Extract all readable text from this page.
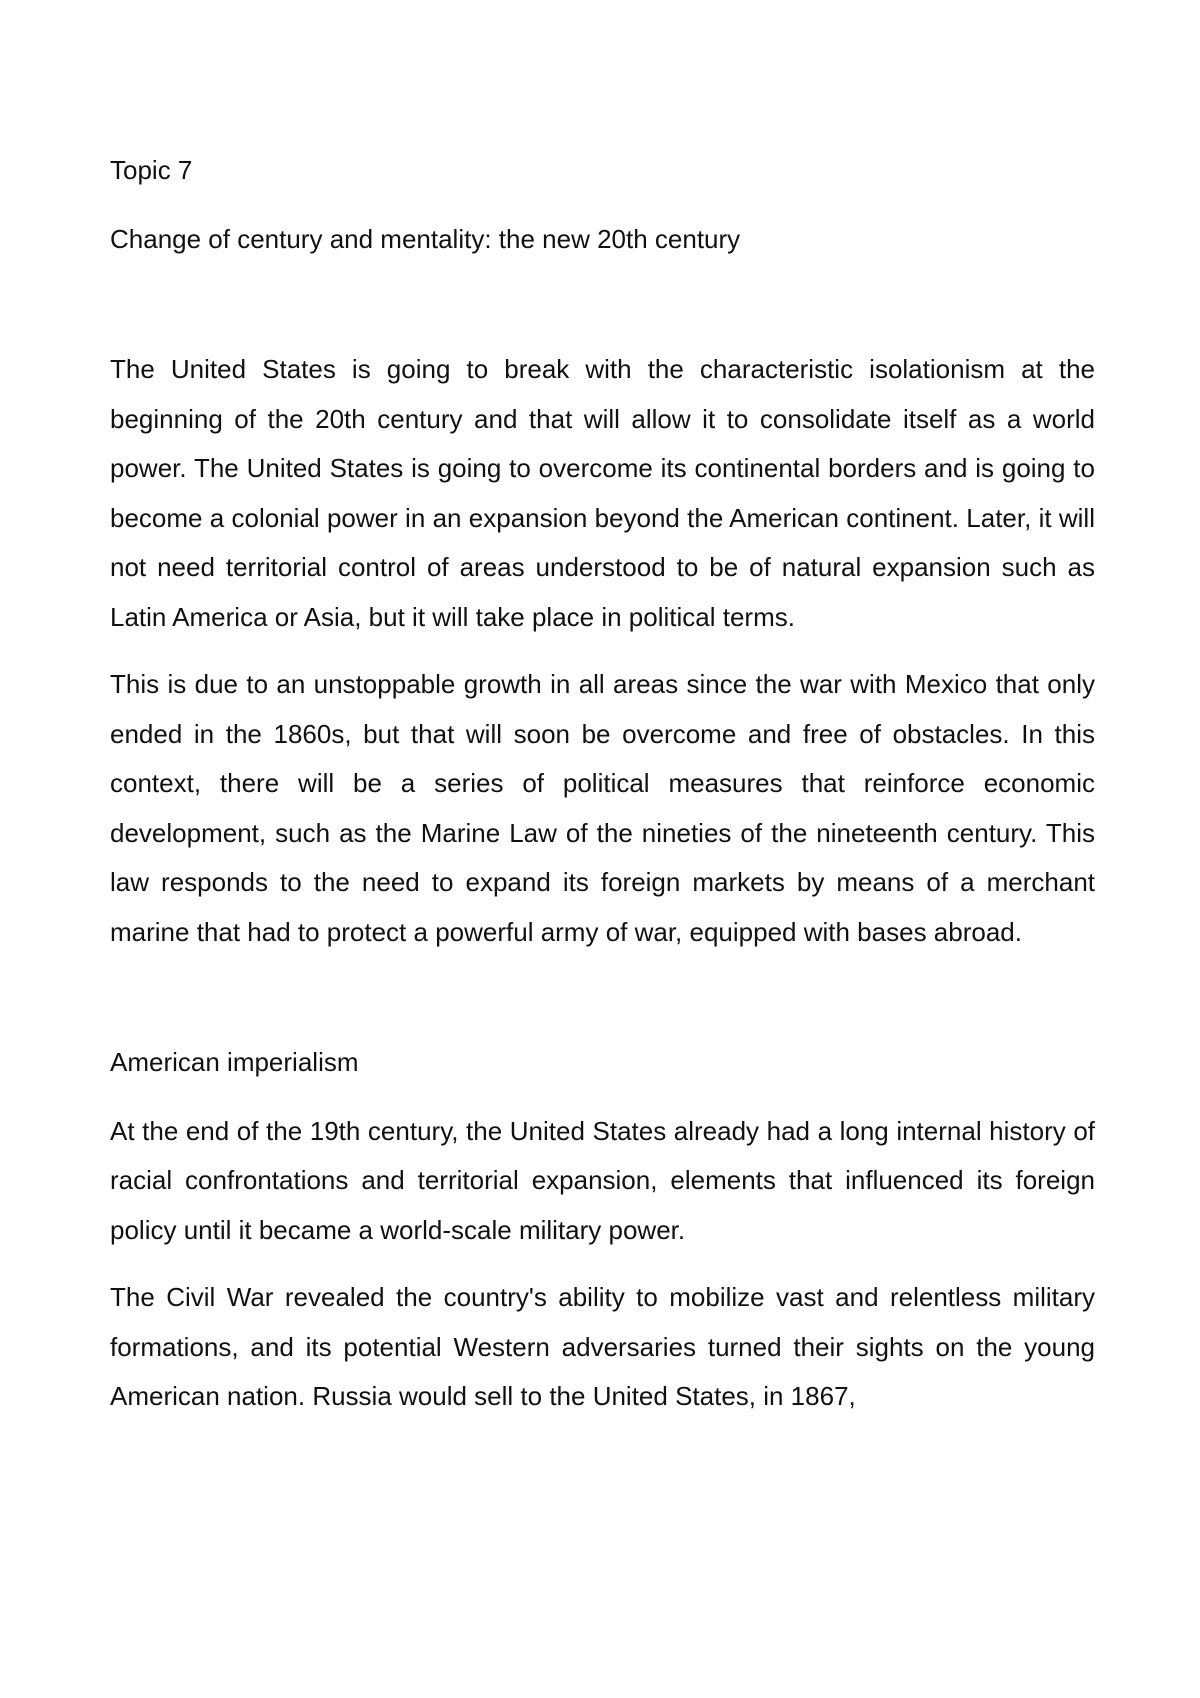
Topic 7

Change of century and mentality: the new 20th century

The United States is going to break with the characteristic isolationism at the beginning of the 20th century and that will allow it to consolidate itself as a world power. The United States is going to overcome its continental borders and is going to become a colonial power in an expansion beyond the American continent. Later, it will not need territorial control of areas understood to be of natural expansion such as Latin America or Asia, but it will take place in political terms.

This is due to an unstoppable growth in all areas since the war with Mexico that only ended in the 1860s, but that will soon be overcome and free of obstacles. In this context, there will be a series of political measures that reinforce economic development, such as the Marine Law of the nineties of the nineteenth century. This law responds to the need to expand its foreign markets by means of a merchant marine that had to protect a powerful army of war, equipped with bases abroad.

American imperialism

At the end of the 19th century, the United States already had a long internal history of racial confrontations and territorial expansion, elements that influenced its foreign policy until it became a world-scale military power.

The Civil War revealed the country's ability to mobilize vast and relentless military formations, and its potential Western adversaries turned their sights on the young American nation. Russia would sell to the United States, in 1867,
